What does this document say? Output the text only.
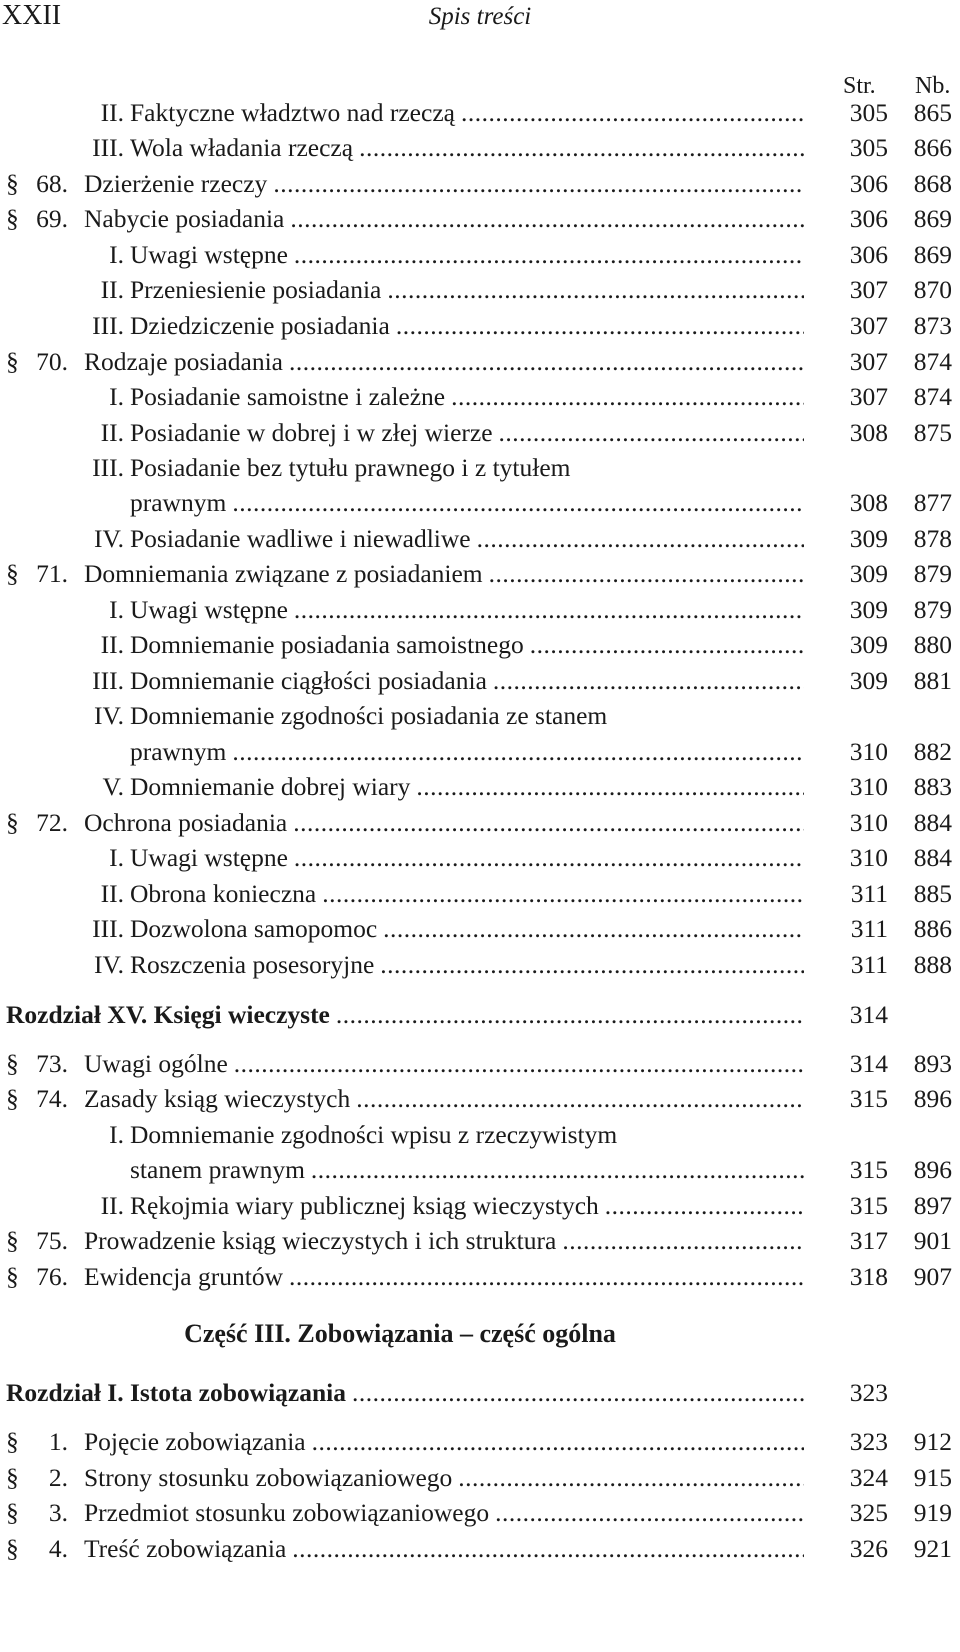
XXII	Spis treści
Str. Nb.
II. Faktyczne władztwo nad rzeczą .....	305	865
III. Wola władania rzeczą .....	305	866
§ 68. Dzierżenie rzeczy .....	306	868
§ 69. Nabycie posiadania .....	306	869
I. Uwagi wstępne .....	306	869
II. Przeniesienie posiadania .....	307	870
III. Dziedziczenie posiadania .....	307	873
§ 70. Rodzaje posiadania .....	307	874
I. Posiadanie samoistne i zależne .....	307	874
II. Posiadanie w dobrej i w złej wierze .....	308	875
III. Posiadanie bez tytułu prawnego i z tytułem
prawnym .....	308	877
IV. Posiadanie wadliwe i niewadliwe .....	309	878
§ 71. Domniemania związane z posiadaniem .....	309	879
I. Uwagi wstępne .....	309	879
II. Domniemanie posiadania samoistnego .....	309	880
III. Domniemanie ciągłości posiadania .....	309	881
IV. Domniemanie zgodności posiadania ze stanem
prawnym .....	310	882
V. Domniemanie dobrej wiary .....	310	883
§ 72. Ochrona posiadania .....	310	884
I. Uwagi wstępne .....	310	884
II. Obrona konieczna .....	311	885
III. Dozwolona samopomoc .....	311	886
IV. Roszczenia posesoryjne .....	311	888
Rozdział XV. Księgi wieczyste .....	314
§ 73. Uwagi ogólne .....	314	893
§ 74. Zasady ksiąg wieczystych .....	315	896
I. Domniemanie zgodności wpisu z rzeczywistym
stanem prawnym .....	315	896
II. Rękojmia wiary publicznej ksiąg wieczystych .....	315	897
§ 75. Prowadzenie ksiąg wieczystych i ich struktura .....	317	901
§ 76. Ewidencja gruntów .....	318	907
Rozdział I. Istota zobowiązania .....	323
§ 1. Pojęcie zobowiązania .....	323	912
§ 2. Strony stosunku zobowiązaniowego .....	324	915
§ 3. Przedmiot stosunku zobowiązaniowego .....	325	919
§ 4. Treść zobowiązania .....	326	921
Część III. Zobowiązania – część ogólna
